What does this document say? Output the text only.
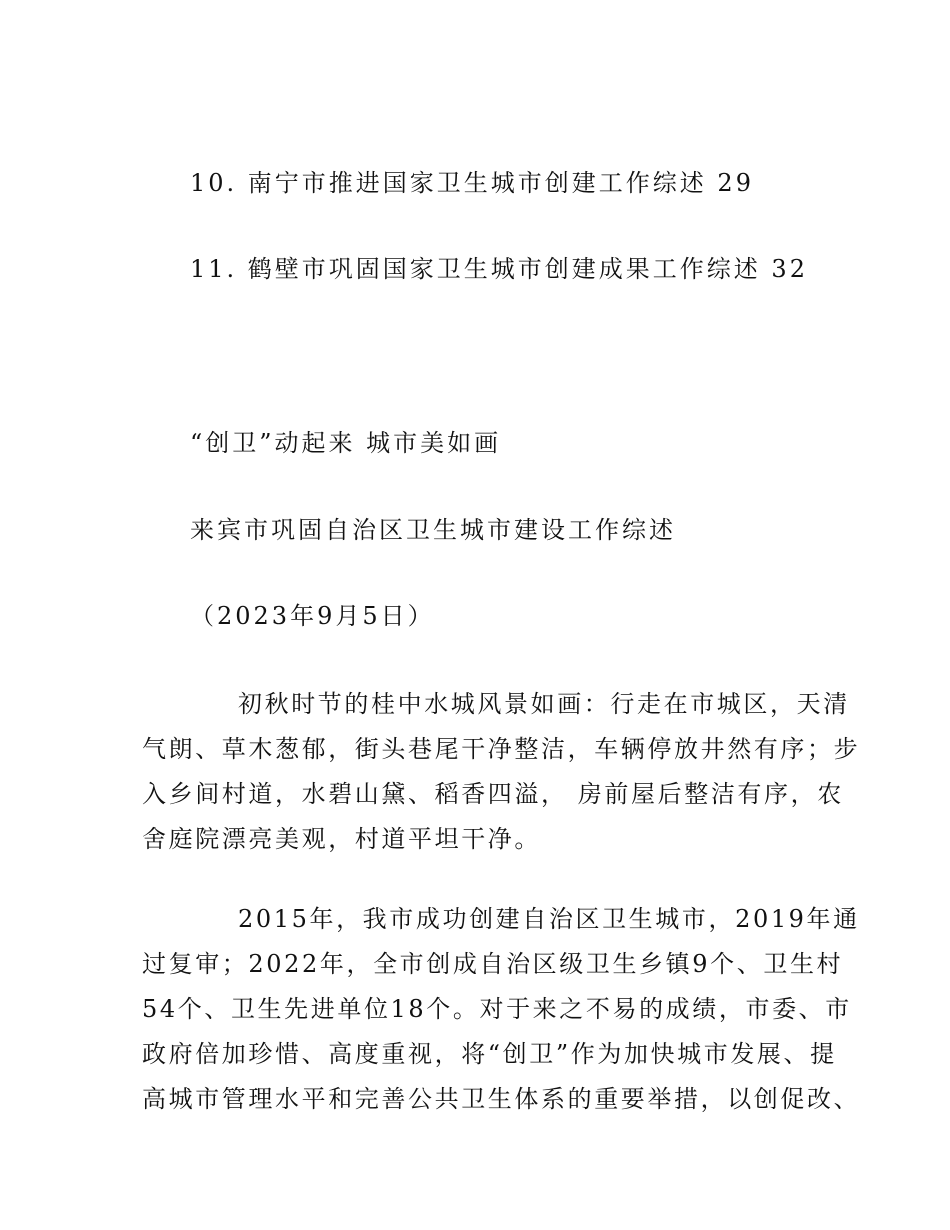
10. 南宁市推进国家卫生城市创建工作综述 29
11. 鹤壁市巩固国家卫生城市创建成果工作综述 32
“创卫”动起来 城市美如画
来宾市巩固自治区卫生城市建设工作综述
（2023年9月5日）
初秋时节的桂中水城风景如画：行走在市城区，天清
气朗、草木葱郁，街头巷尾干净整洁，车辆停放井然有序；步
入乡间村道，水碧山黛、稻香四溢， 房前屋后整洁有序，农
舍庭院漂亮美观，村道平坦干净。
2015年，我市成功创建自治区卫生城市，2019年通
过复审；2022年，全市创成自治区级卫生乡镇9个、卫生村
54个、卫生先进单位18个。对于来之不易的成绩，市委、市
政府倍加珍惜、高度重视，将“创卫”作为加快城市发展、提
高城市管理水平和完善公共卫生体系的重要举措，以创促改、
